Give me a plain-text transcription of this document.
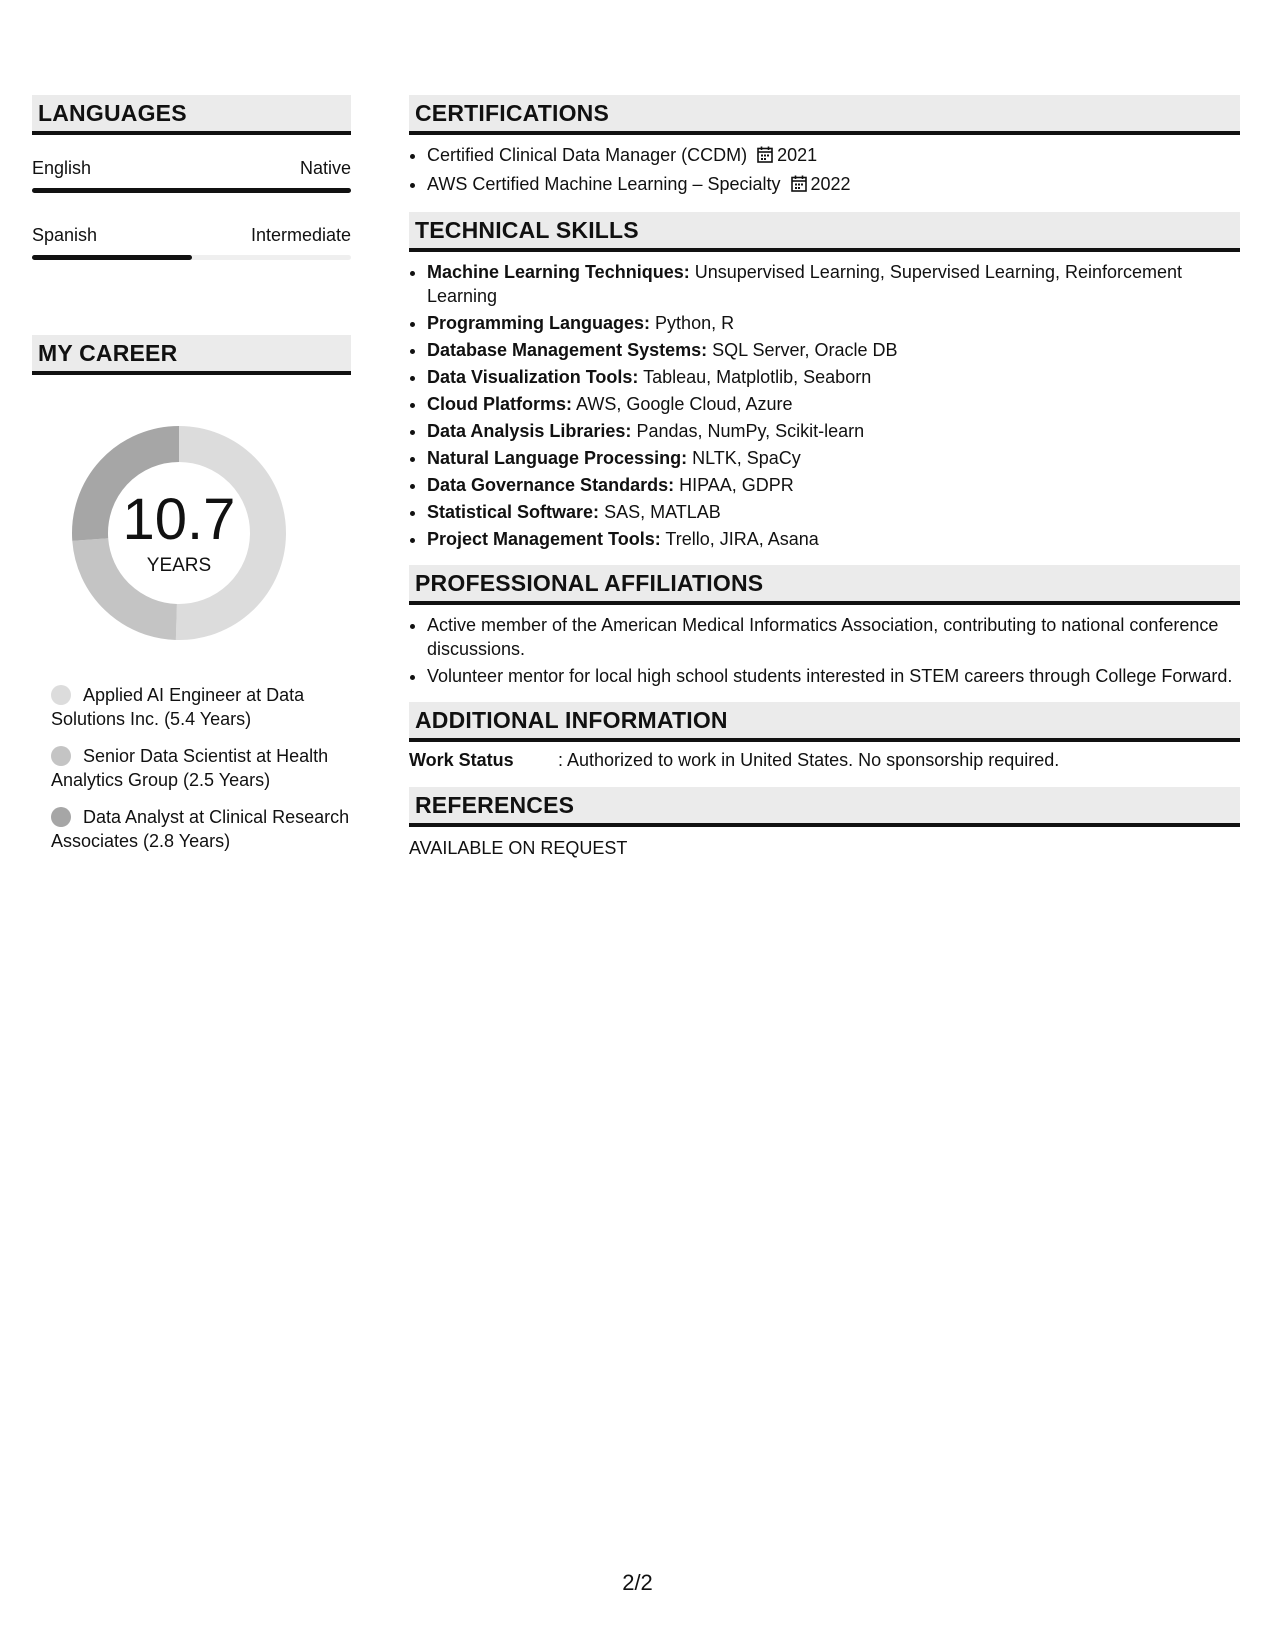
LANGUAGES
English	Native
Spanish	Intermediate
MY CAREER
10.7
YEARS
Applied AI Engineer at Data Solutions Inc. (5.4 Years)
Senior Data Scientist at Health Analytics Group (2.5 Years)
Data Analyst at Clinical Research Associates (2.8 Years)
CERTIFICATIONS
• Certified Clinical Data Manager (CCDM) 2021
• AWS Certified Machine Learning – Specialty 2022
TECHNICAL SKILLS
• Machine Learning Techniques: Unsupervised Learning, Supervised Learning, Reinforcement Learning
• Programming Languages: Python, R
• Database Management Systems: SQL Server, Oracle DB
• Data Visualization Tools: Tableau, Matplotlib, Seaborn
• Cloud Platforms: AWS, Google Cloud, Azure
• Data Analysis Libraries: Pandas, NumPy, Scikit-learn
• Natural Language Processing: NLTK, SpaCy
• Data Governance Standards: HIPAA, GDPR
• Statistical Software: SAS, MATLAB
• Project Management Tools: Trello, JIRA, Asana
PROFESSIONAL AFFILIATIONS
• Active member of the American Medical Informatics Association, contributing to national conference discussions.
• Volunteer mentor for local high school students interested in STEM careers through College Forward.
ADDITIONAL INFORMATION
Work Status	: Authorized to work in United States. No sponsorship required.
REFERENCES
AVAILABLE ON REQUEST
2/2
